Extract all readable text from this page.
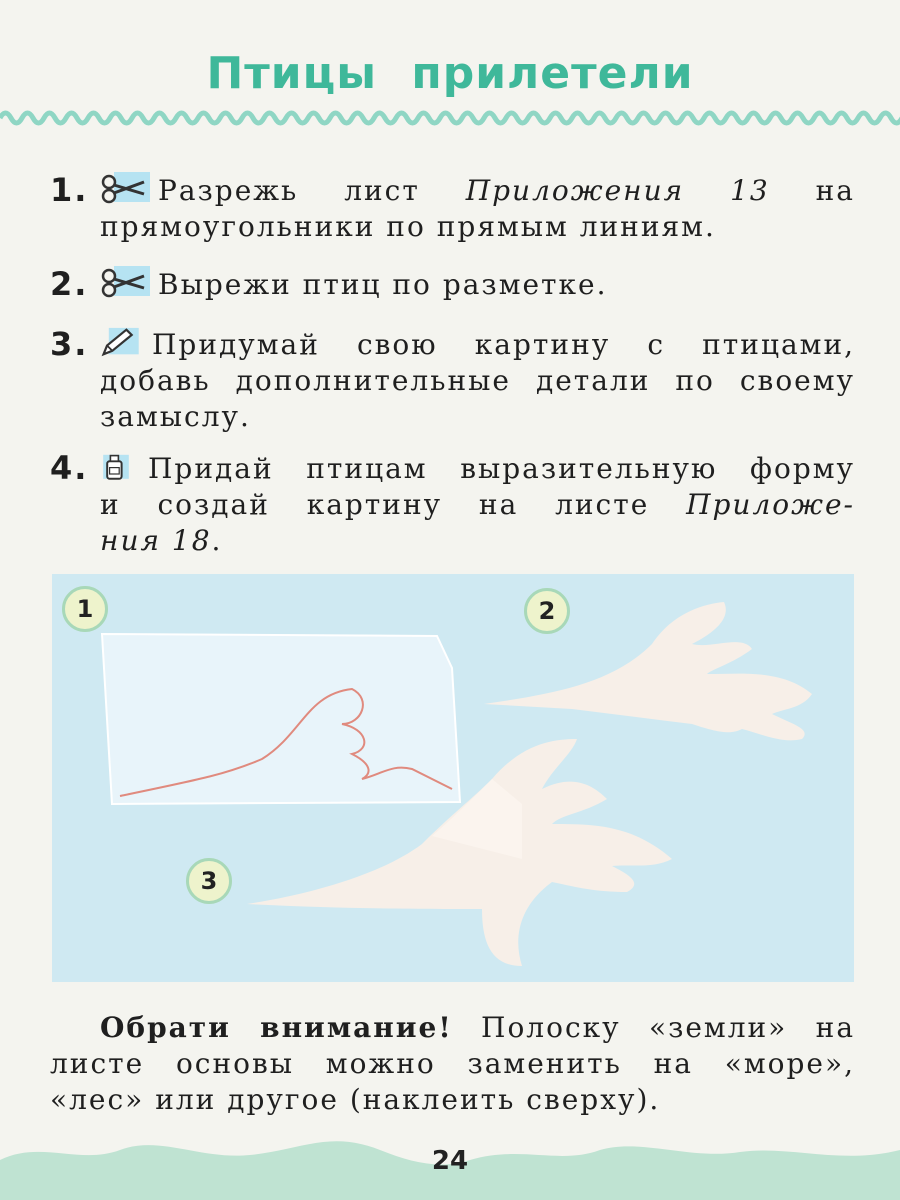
Птицы прилетели
1.	Разрежь лист Приложения 13 на
прямоугольники по прямым линиям.
2.	Вырежи птиц по разметке.
3.	Придумай свою картину с птицами,
добавь дополнительные детали по своему
замыслу.
4.	Придай птицам выразительную форму
и создай картину на листе Приложе-
ния 18.
1	2
3
Обрати внимание! Полоску «земли» на
листе основы можно заменить на «море»,
«лес» или другое (наклеить сверху).
24
